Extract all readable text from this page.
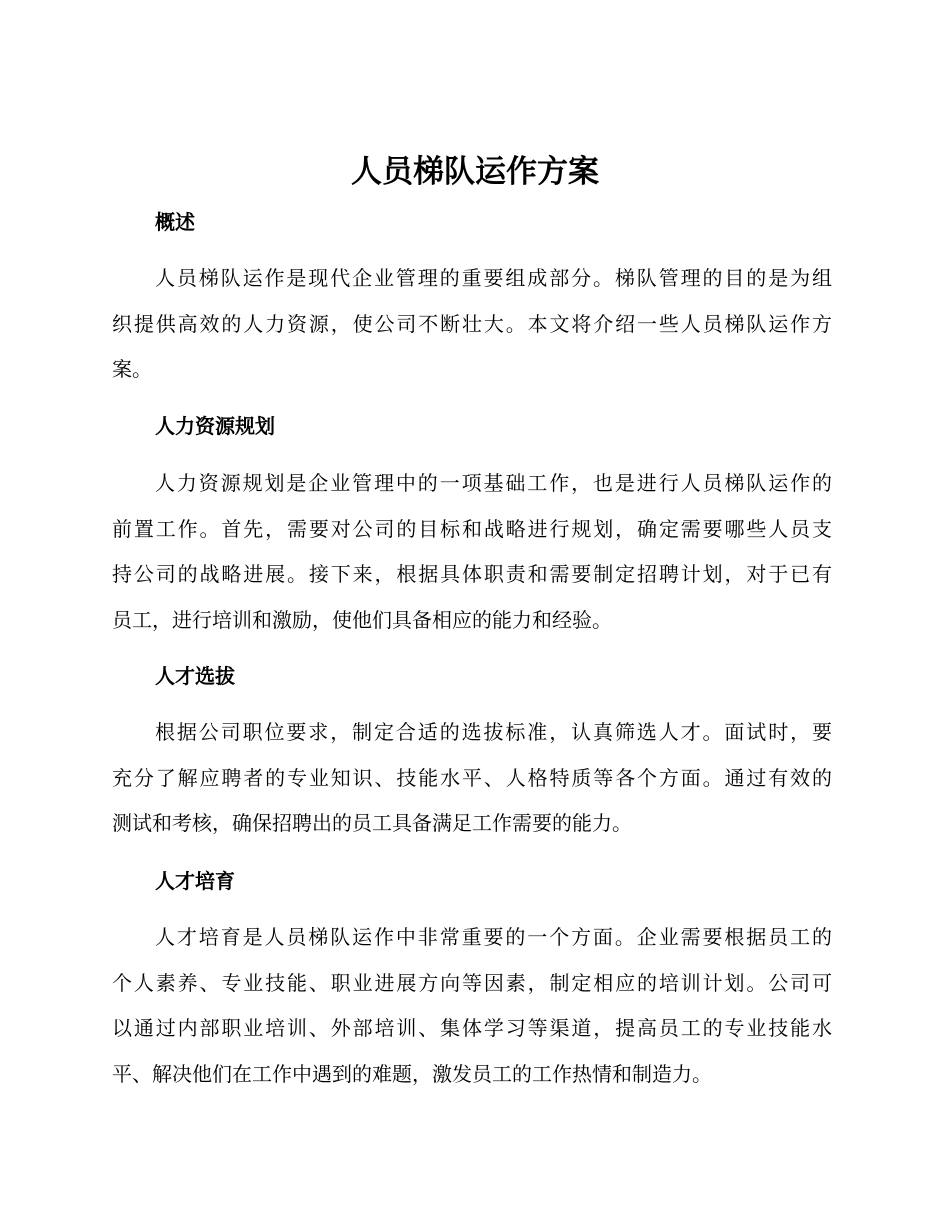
人员梯队运作方案
概述
人员梯队运作是现代企业管理的重要组成部分。梯队管理的目的是为组
织提供高效的人力资源，使公司不断壮大。本文将介绍一些人员梯队运作方
案。
人力资源规划
人力资源规划是企业管理中的一项基础工作，也是进行人员梯队运作的
前置工作。首先，需要对公司的目标和战略进行规划，确定需要哪些人员支
持公司的战略进展。接下来，根据具体职责和需要制定招聘计划，对于已有
员工，进行培训和激励，使他们具备相应的能力和经验。
人才选拔
根据公司职位要求，制定合适的选拔标准，认真筛选人才。面试时，要
充分了解应聘者的专业知识、技能水平、人格特质等各个方面。通过有效的
测试和考核，确保招聘出的员工具备满足工作需要的能力。
人才培育
人才培育是人员梯队运作中非常重要的一个方面。企业需要根据员工的
个人素养、专业技能、职业进展方向等因素，制定相应的培训计划。公司可
以通过内部职业培训、外部培训、集体学习等渠道，提高员工的专业技能水
平、解决他们在工作中遇到的难题，激发员工的工作热情和制造力。
